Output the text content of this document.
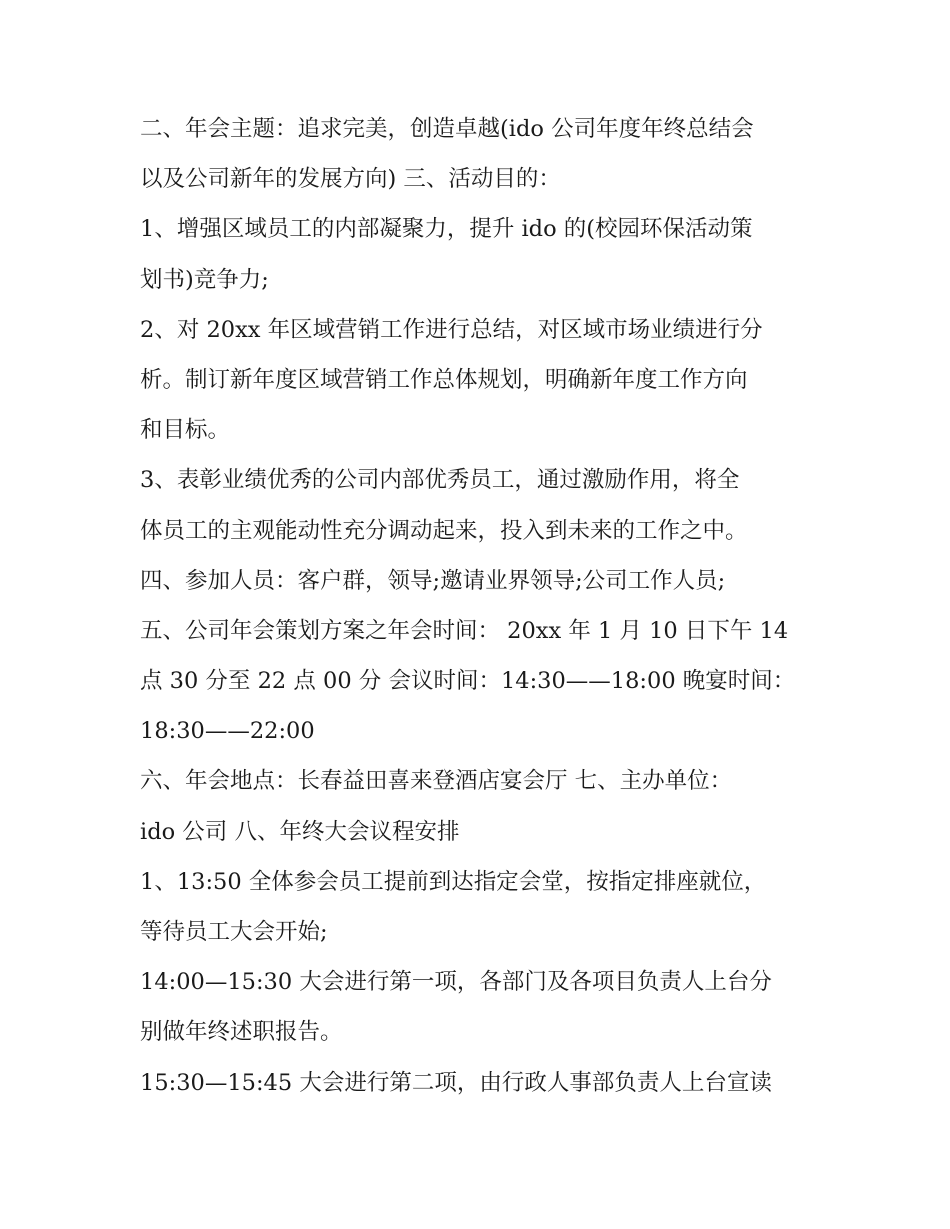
二、年会主题：追求完美，创造卓越(ido 公司年度年终总结会
以及公司新年的发展方向) 三、活动目的：
1、增强区域员工的内部凝聚力，提升 ido 的(校园环保活动策
划书)竞争力;
2、对 20xx 年区域营销工作进行总结，对区域市场业绩进行分
析。制订新年度区域营销工作总体规划，明确新年度工作方向
和目标。
3、表彰业绩优秀的公司内部优秀员工，通过激励作用，将全
体员工的主观能动性充分调动起来，投入到未来的工作之中。
四、参加人员：客户群，领导;邀请业界领导;公司工作人员;
五、公司年会策划方案之年会时间： 20xx 年 1 月 10 日下午 14
点 30 分至 22 点 00 分 会议时间：14:30——18:00 晚宴时间：
18:30——22:00
六、年会地点：长春益田喜来登酒店宴会厅 七、主办单位：
ido 公司 八、年终大会议程安排
1、13:50 全体参会员工提前到达指定会堂，按指定排座就位，
等待员工大会开始;
14:00—15:30 大会进行第一项，各部门及各项目负责人上台分
别做年终述职报告。
15:30—15:45 大会进行第二项，由行政人事部负责人上台宣读
